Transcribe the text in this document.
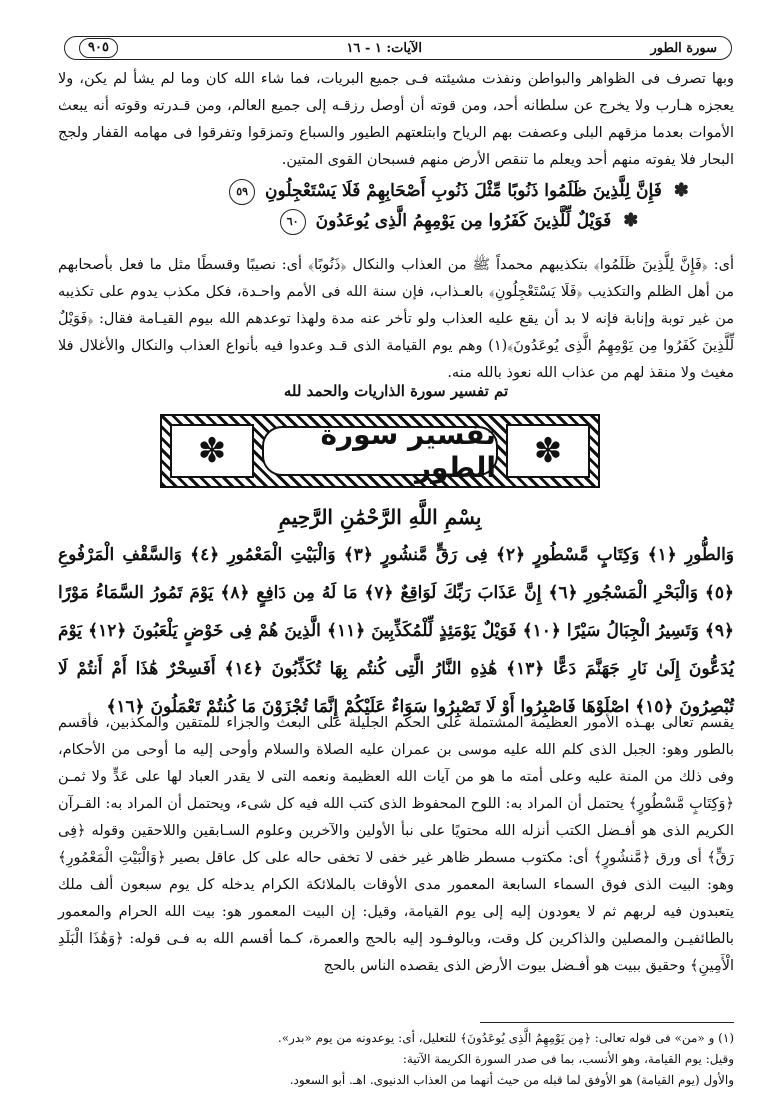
سورة الطور
الآيات: ١ - ١٦
٩٠٥
وبها تصرف فى الظواهر والبواطن ونفذت مشيئته فـى جميع البريات، فما شاء الله كان وما لم يشأ لم يكن، ولا يعجزه هـارب ولا يخرج عن سلطانه أحد، ومن قوته أن أوصل رزقـه إلى جميع العالم، ومن قـدرته وقوته أنه يبعث الأموات بعدما مزقهم البلى وعصفت بهم الرياح وابتلعتهم الطيور والسباع وتمزقوا وتفرقوا فى مهامه القفار ولجج البحار فلا يفوته منهم أحد ويعلم ما تنقص الأرض منهم فسبحان القوى المتين.
✽ فَإِنَّ لِلَّذِينَ ظَلَمُوا ذَنُوبًا مِّثْلَ ذَنُوبِ أَصْحَابِهِمْ فَلَا يَسْتَعْجِلُونِ ٥٩
✽ فَوَيْلٌ لِّلَّذِينَ كَفَرُوا مِن يَوْمِهِمُ الَّذِى يُوعَدُونَ ٦٠
أى: ﴿فَإِنَّ لِلَّذِينَ ظَلَمُوا﴾ بتكذيبهم محمداً ﷺ من العذاب والنكال ﴿ذَنُوبًا﴾ أى: نصيبًا وقسطًا مثل ما فعل بأصحابهم من أهل الظلم والتكذيب ﴿فَلَا يَسْتَعْجِلُونِ﴾ بالعـذاب، فإن سنة الله فى الأمم واحـدة، فكل مكذب يدوم على تكذيبه من غير توبة وإنابة فإنه لا بد أن يقع عليه العذاب ولو تأخر عنه مدة ولهذا توعدهم الله بيوم القيـامة فقال: ﴿فَوَيْلٌ لِّلَّذِينَ كَفَرُوا مِن يَوْمِهِمُ الَّذِى يُوعَدُونَ﴾(١) وهم يوم القيامة الذى قـد وعدوا فيه بأنواع العذاب والنكال والأغلال فلا مغيث ولا منقذ لهم من عذاب الله نعوذ بالله منه.
تم تفسير سورة الذاريات والحمد لله
✽
تفسير سورة الطور
✽
بِسْمِ اللَّهِ الرَّحْمَٰنِ الرَّحِيمِ
وَالطُّورِ ﴿١﴾ وَكِتَابٍ مَّسْطُورٍ ﴿٢﴾ فِى رَقٍّ مَّنشُورٍ ﴿٣﴾ وَالْبَيْتِ الْمَعْمُورِ ﴿٤﴾ وَالسَّقْفِ الْمَرْفُوعِ ﴿٥﴾ وَالْبَحْرِ الْمَسْجُورِ ﴿٦﴾ إِنَّ عَذَابَ رَبِّكَ لَوَاقِعٌ ﴿٧﴾ مَا لَهُ مِن دَافِعٍ ﴿٨﴾ يَوْمَ تَمُورُ السَّمَاءُ مَوْرًا ﴿٩﴾ وَتَسِيرُ الْجِبَالُ سَيْرًا ﴿١٠﴾ فَوَيْلٌ يَوْمَئِذٍ لِّلْمُكَذِّبِينَ ﴿١١﴾ الَّذِينَ هُمْ فِى خَوْضٍ يَلْعَبُونَ ﴿١٢﴾ يَوْمَ يُدَعُّونَ إِلَىٰ نَارِ جَهَنَّمَ دَعًّا ﴿١٣﴾ هَٰذِهِ النَّارُ الَّتِى كُنتُم بِهَا تُكَذِّبُونَ ﴿١٤﴾ أَفَسِحْرٌ هَٰذَا أَمْ أَنتُمْ لَا تُبْصِرُونَ ﴿١٥﴾ اصْلَوْهَا فَاصْبِرُوا أَوْ لَا تَصْبِرُوا سَوَاءٌ عَلَيْكُمْ إِنَّمَا تُجْزَوْنَ مَا كُنتُمْ تَعْمَلُونَ ﴿١٦﴾
يقسم تعالى بهـذه الأمور العظيمة المشتملة على الحكم الجليلة على البعث والجزاء للمتقين والمكذبين، فأقسم بالطور وهو: الجبل الذى كلم الله عليه موسى بن عمران عليه الصلاة والسلام وأوحى إليه ما أوحى من الأحكام، وفى ذلك من المنة عليه وعلى أمته ما هو من آيات الله العظيمة ونعمه التى لا يقدر العباد لها على عَدٍّ ولا ثمـن ﴿وَكِتَابٍ مَّسْطُورٍ﴾ يحتمل أن المراد به: اللوح المحفوظ الذى كتب الله فيه كل شىء، ويحتمل أن المراد به: القـرآن الكريم الذى هو أفـضل الكتب أنزله الله محتويًا على نبأ الأولين والآخرين وعلوم السـابقين واللاحقين وقوله ﴿فِى رَقٍّ﴾ أى ورق ﴿مَّنشُورٍ﴾ أى: مكتوب مسطر ظاهر غير خفى لا تخفى حاله على كل عاقل بصير ﴿وَالْبَيْتِ الْمَعْمُورِ﴾ وهو: البيت الذى فوق السماء السابعة المعمور مدى الأوقات بالملائكة الكرام يدخله كل يوم سبعون ألف ملك يتعبدون فيه لربهم ثم لا يعودون إليه إلى يوم القيامة، وقيل: إن البيت المعمور هو: بيت الله الحرام والمعمور بالطائفيـن والمصلين والذاكرين كل وقت، وبالوفـود إليه بالحج والعمرة، كـما أقسم الله به فـى قوله: ﴿وَهَٰذَا الْبَلَدِ الْأَمِينِ﴾ وحقيق ببيت هو أفـضل بيوت الأرض الذى يقصده الناس بالحج
(١) و «من» فى قوله تعالى: ﴿مِن يَوْمِهِمُ الَّذِى يُوعَدُونَ﴾ للتعليل، أى: يوعدونه من يوم «بدر».
وقيل: يوم القيامة، وهو الأنسب، بما فى صدر السورة الكريمة الآتية:
والأول (يوم القيامة) هو الأوفق لما قبله من حيث أنهما من العذاب الدنيوى. اهـ. أبو السعود.
